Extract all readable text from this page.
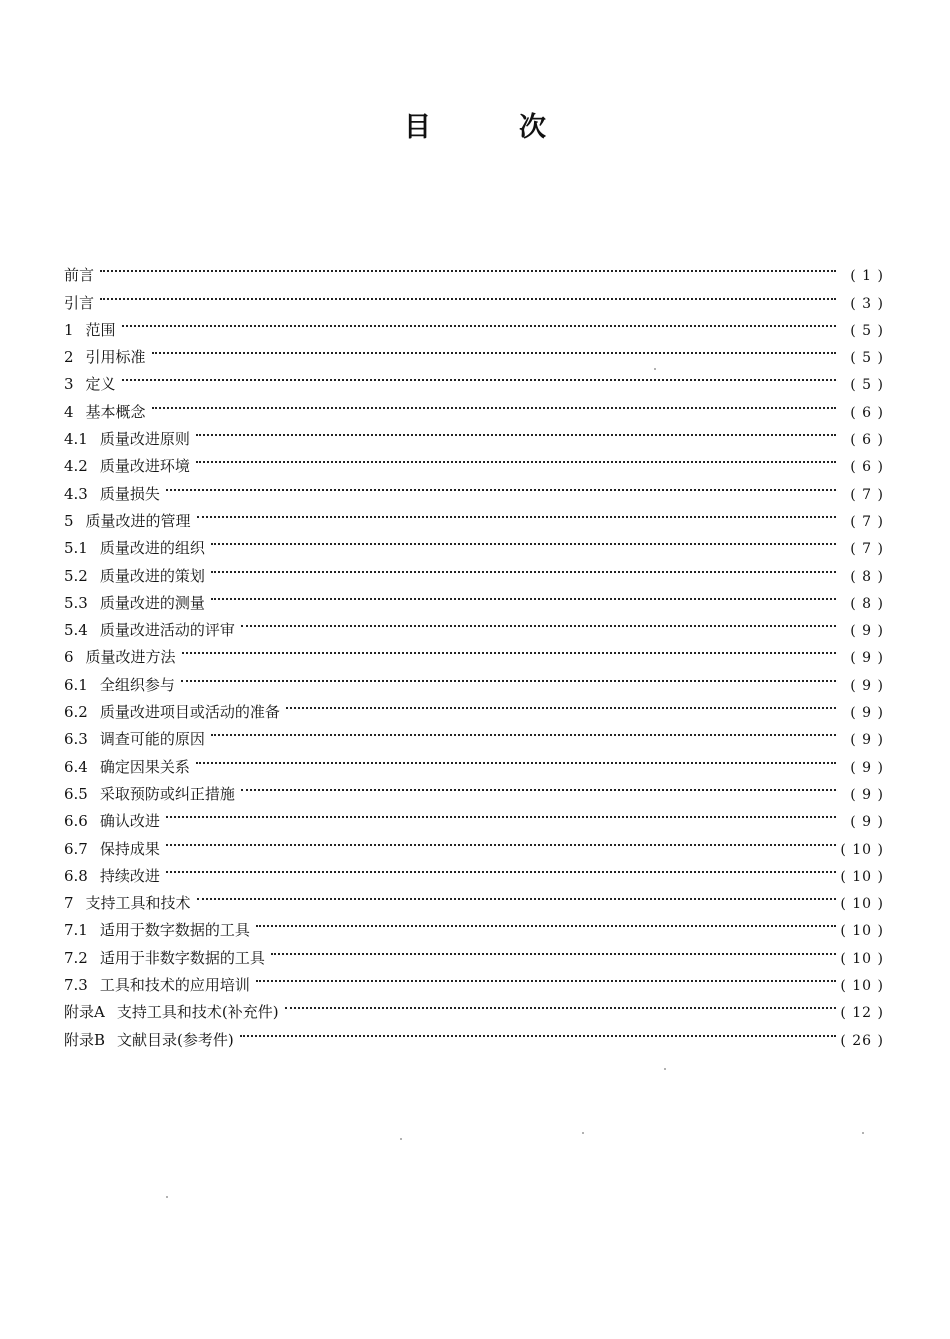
目	次
前言	( 1 )
引言	( 3 )
1 范围	( 5 )
2 引用标准	( 5 )
3 定义	( 5 )
4 基本概念	( 6 )
4.1 质量改进原则	( 6 )
4.2 质量改进环境	( 6 )
4.3 质量损失	( 7 )
5 质量改进的管理	( 7 )
5.1 质量改进的组织	( 7 )
5.2 质量改进的策划	( 8 )
5.3 质量改进的测量	( 8 )
5.4 质量改进活动的评审	( 9 )
6 质量改进方法	( 9 )
6.1 全组织参与	( 9 )
6.2 质量改进项目或活动的准备	( 9 )
6.3 调查可能的原因	( 9 )
6.4 确定因果关系	( 9 )
6.5 采取预防或纠正措施	( 9 )
6.6 确认改进	( 9 )
6.7 保持成果	( 10 )
6.8 持续改进	( 10 )
7 支持工具和技术	( 10 )
7.1 适用于数字数据的工具	( 10 )
7.2 适用于非数字数据的工具	( 10 )
7.3 工具和技术的应用培训	( 10 )
附录A 支持工具和技术(补充件)	( 12 )
附录B 文献目录(参考件)	( 26 )
